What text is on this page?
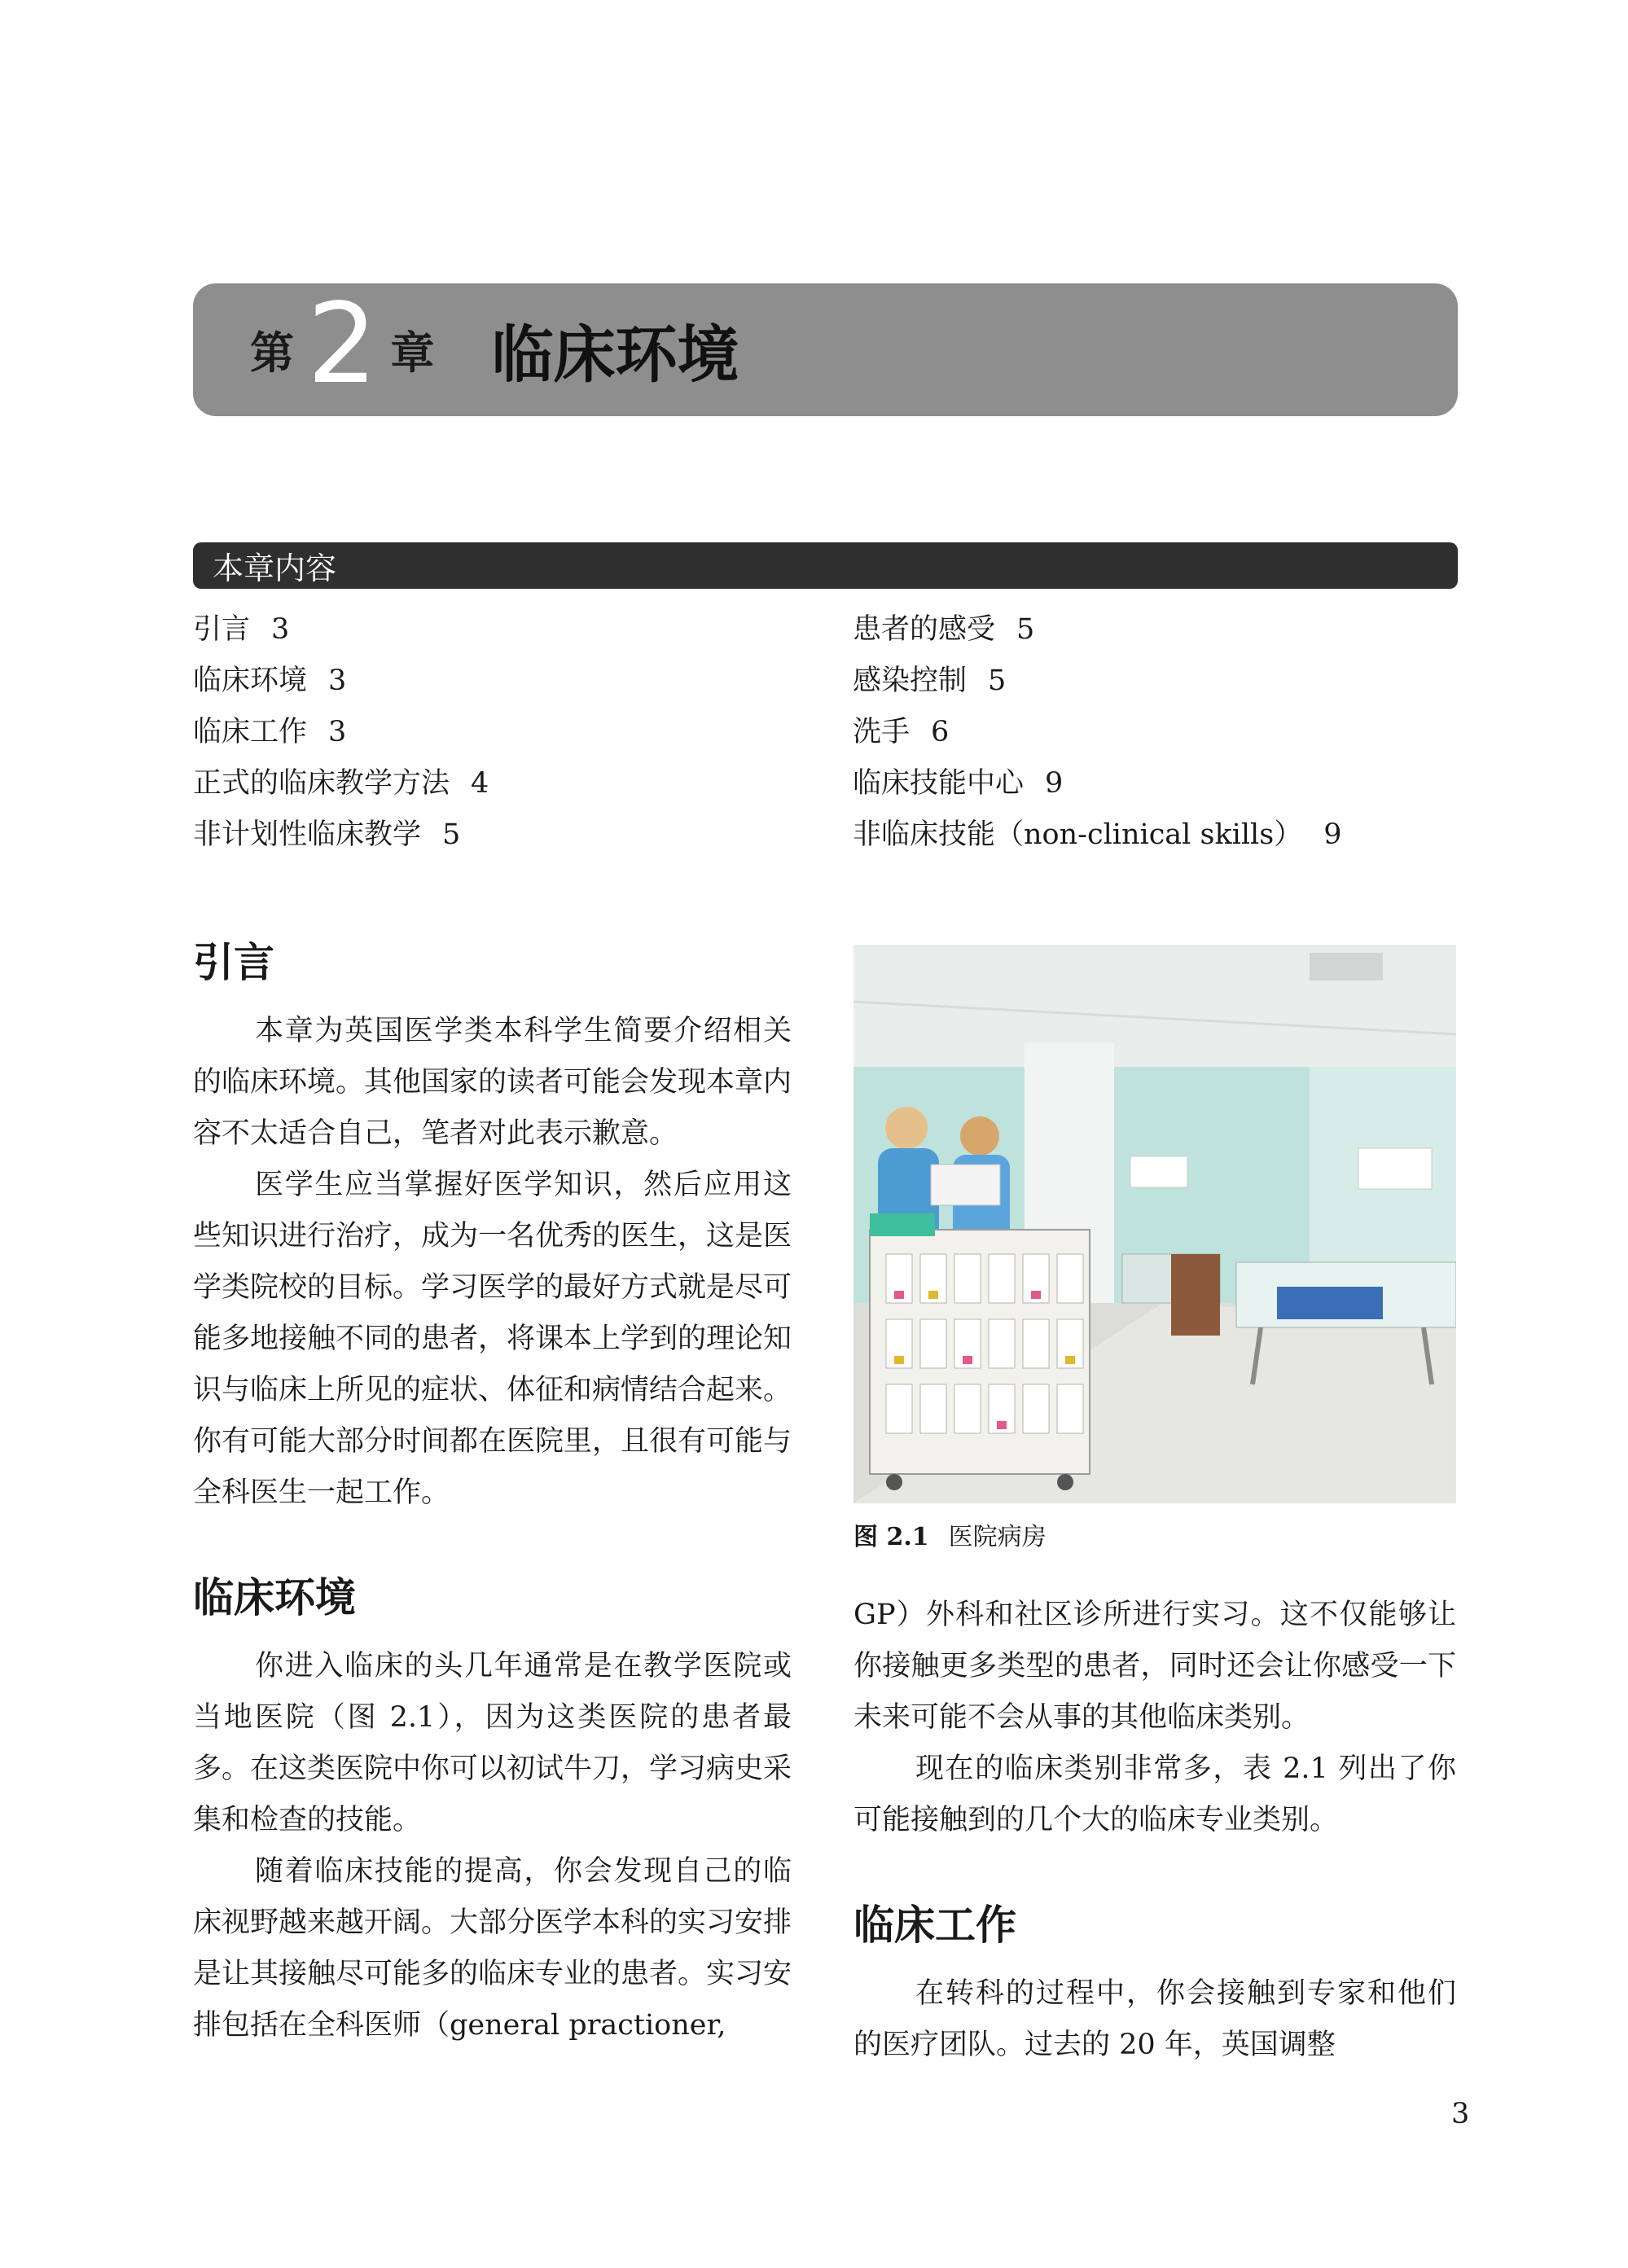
第 2 章 临床环境
本章内容
引言 3
临床环境 3
临床工作 3
正式的临床教学方法 4
非计划性临床教学 5
患者的感受 5
感染控制 5
洗手 6
临床技能中心 9
非临床技能（non-clinical skills） 9
引言

本章为英国医学类本科学生简要介绍相关的临床环境。其他国家的读者可能会发现本章内容不太适合自己，笔者对此表示歉意。

医学生应当掌握好医学知识，然后应用这些知识进行治疗，成为一名优秀的医生，这是医学类院校的目标。学习医学的最好方式就是尽可能多地接触不同的患者，将课本上学到的理论知识与临床上所见的症状、体征和病情结合起来。你有可能大部分时间都在医院里，且很有可能与全科医生一起工作。

图 2.1 医院病房
临床环境

你进入临床的头几年通常是在教学医院或当地医院（图 2.1），因为这类医院的患者最多。在这类医院中你可以初试牛刀，学习病史采集和检查的技能。

随着临床技能的提高，你会发现自己的临床视野越来越开阔。大部分医学本科的实习安排是让其接触尽可能多的临床专业的患者。实习安排包括在全科医师（general practioner,

GP）外科和社区诊所进行实习。这不仅能够让你接触更多类型的患者，同时还会让你感受一下未来可能不会从事的其他临床类别。

现在的临床类别非常多，表 2.1 列出了你可能接触到的几个大的临床专业类别。

临床工作

在转科的过程中，你会接触到专家和他们的医疗团队。过去的 20 年，英国调整

3
